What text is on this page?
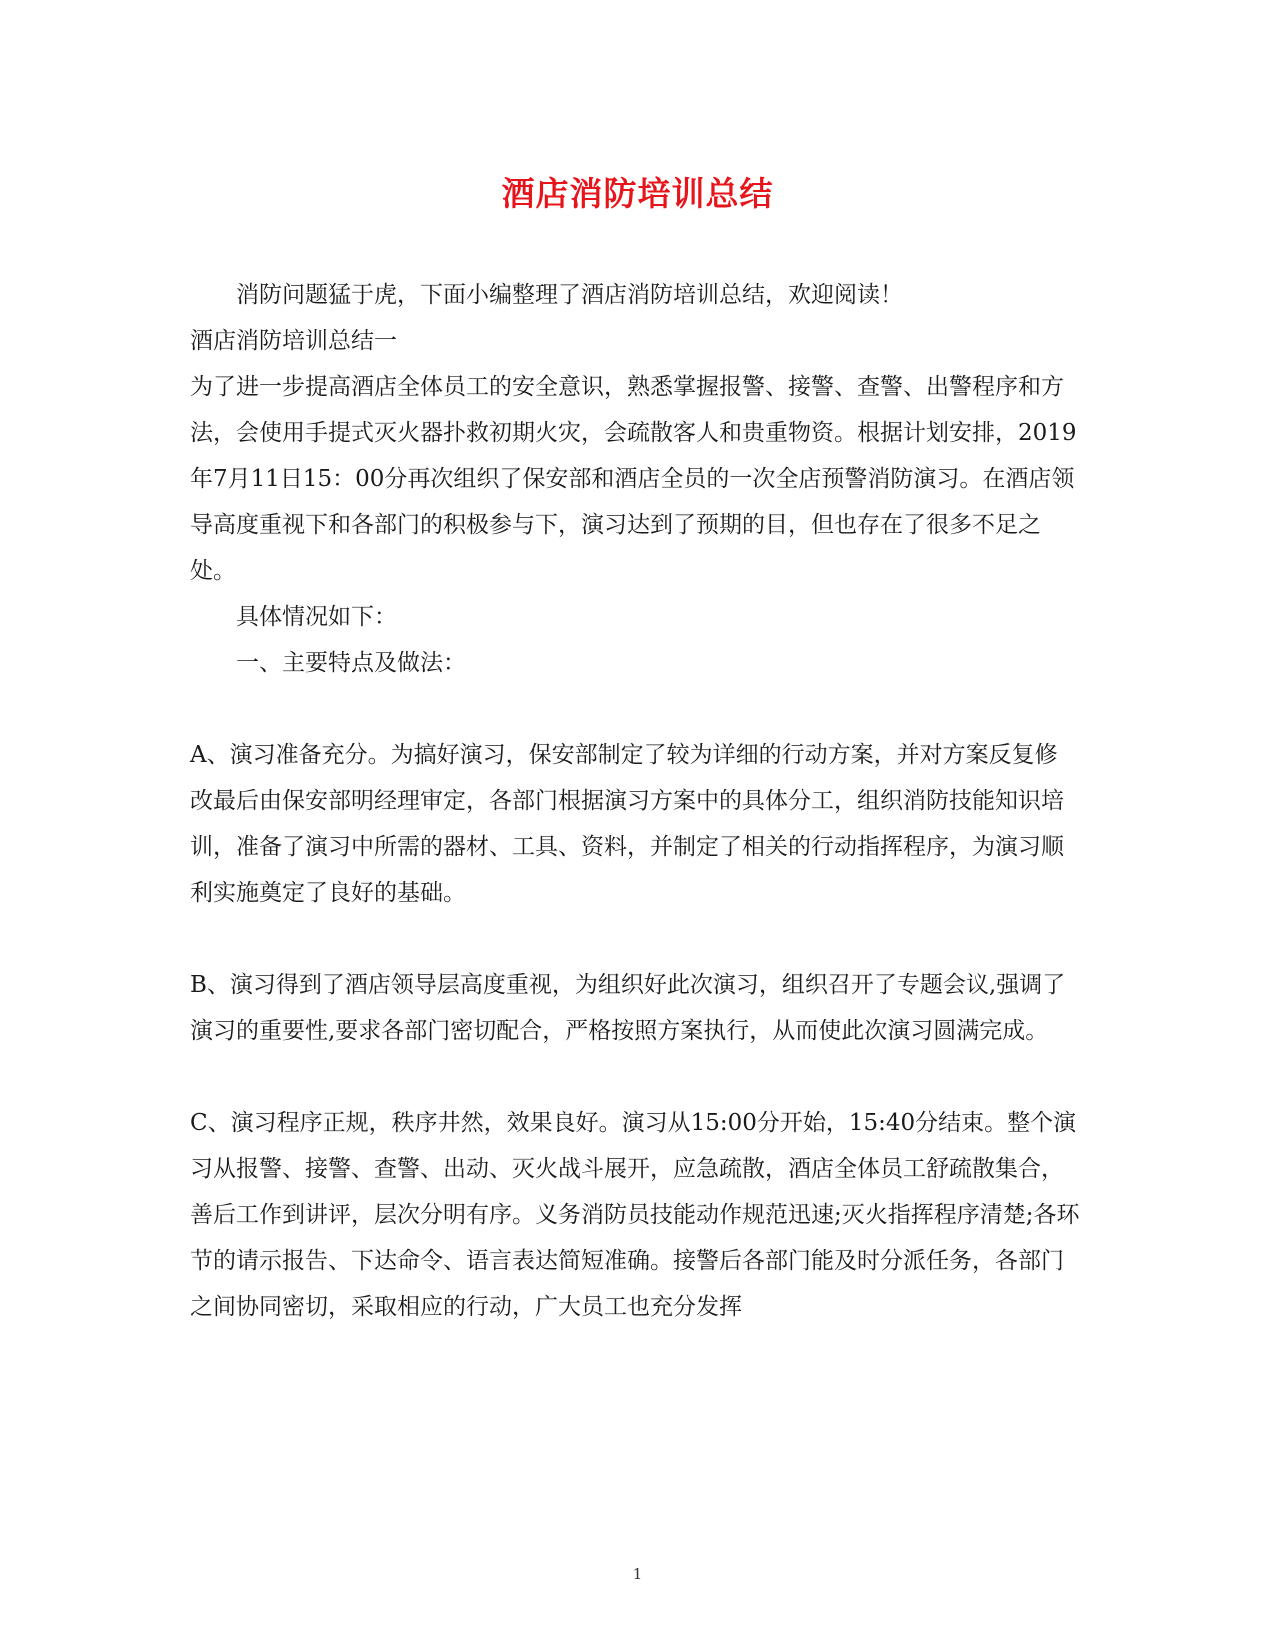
酒店消防培训总结

消防问题猛于虎，下面小编整理了酒店消防培训总结，欢迎阅读！

酒店消防培训总结一

为了进一步提高酒店全体员工的安全意识，熟悉掌握报警、接警、查警、出警程序和方法，会使用手提式灭火器扑救初期火灾，会疏散客人和贵重物资。根据计划安排，2019年7月11日15：00分再次组织了保安部和酒店全员的一次全店预警消防演习。在酒店领导高度重视下和各部门的积极参与下，演习达到了预期的目，但也存在了很多不足之处。

具体情况如下：

一、主要特点及做法：

A、演习准备充分。为搞好演习，保安部制定了较为详细的行动方案，并对方案反复修改最后由保安部明经理审定，各部门根据演习方案中的具体分工，组织消防技能知识培训，准备了演习中所需的器材、工具、资料，并制定了相关的行动指挥程序，为演习顺利实施奠定了良好的基础。

B、演习得到了酒店领导层高度重视，为组织好此次演习，组织召开了专题会议,强调了演习的重要性,要求各部门密切配合，严格按照方案执行，从而使此次演习圆满完成。

C、演习程序正规，秩序井然，效果良好。演习从15:00分开始，15:40分结束。整个演习从报警、接警、查警、出动、灭火战斗展开，应急疏散，酒店全体员工舒疏散集合，善后工作到讲评，层次分明有序。义务消防员技能动作规范迅速;灭火指挥程序清楚;各环节的请示报告、下达命令、语言表达简短准确。接警后各部门能及时分派任务，各部门之间协同密切，采取相应的行动，广大员工也充分发挥

1
